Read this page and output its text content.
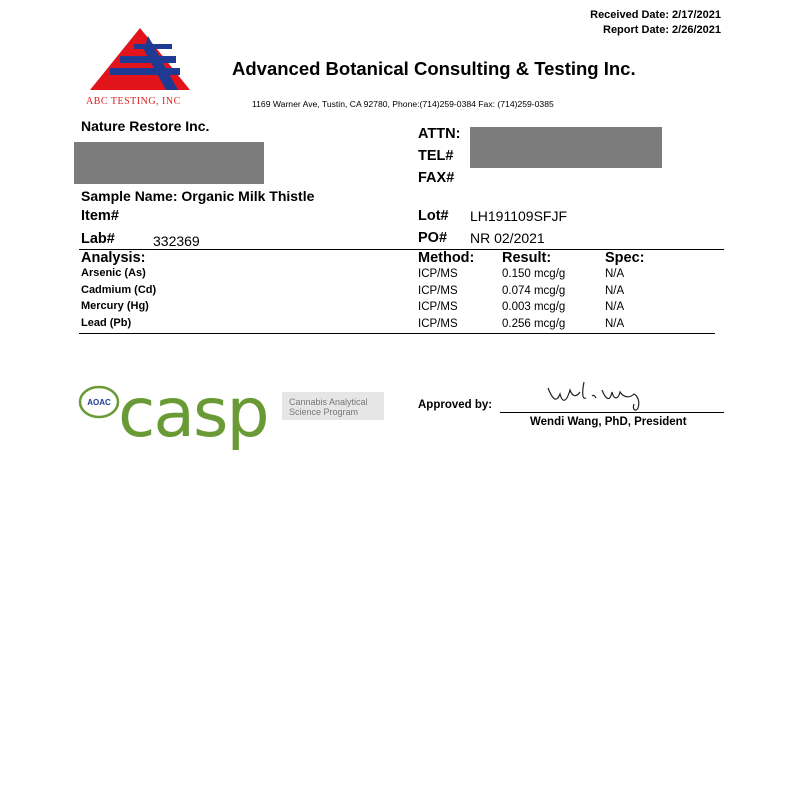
Received Date: 2/17/2021
Report Date: 2/26/2021
ABC TESTING, INC
Advanced Botanical Consulting & Testing Inc.
1169 Warner Ave, Tustin, CA 92780, Phone:(714)259-0384 Fax: (714)259-0385
Nature Restore Inc.	ATTN:
TEL#
FAX#
Sample Name: Organic Milk Thistle
Item#	Lot# LH191109SFJF
Lab#	332369	PO# NR 02/2021
Analysis:	Method: Result:	Spec:
Arsenic (As)	ICP/MS	0.150 mcg/g	N/A
Cadmium (Cd)	ICP/MS	0.074 mcg/g	N/A
Mercury (Hg)	ICP/MS	0.003 mcg/g	N/A
Lead (Pb)	ICP/MS	0.256 mcg/g	N/A
AOAC casp Cannabis Analytical
Science Program
Approved by:
Wendi Wang, PhD, President
